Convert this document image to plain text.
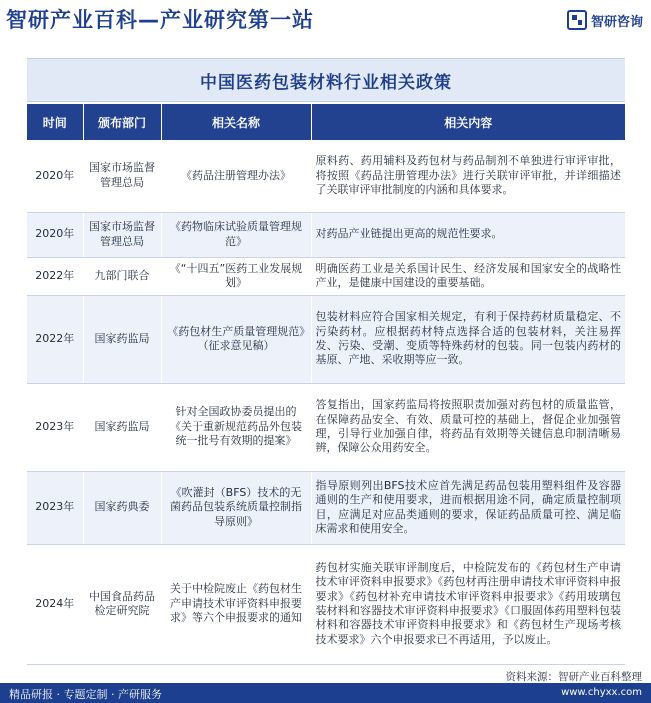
智研产业百科—产业研究第一站	智研咨询
中国医药包装材料行业相关政策
时间	颁布部门	相关名称	相关内容
2020年	国家市场监督管理总局	《药品注册管理办法》	原料药、药用辅料及药包材与药品制剂不单独进行审评审批，将按照《药品注册管理办法》进行关联审评审批，并详细描述了关联审评审批制度的内涵和具体要求。
2020年	国家市场监督管理总局	《药物临床试验质量管理规范》	对药品产业链提出更高的规范性要求。
2022年	九部门联合	《“十四五”医药工业发展规划》	明确医药工业是关系国计民生、经济发展和国家安全的战略性产业，是健康中国建设的重要基础。
2022年	国家药监局	《药包材生产质量管理规范》（征求意见稿）	包装材料应符合国家相关规定，有利于保持药材质量稳定、不污染药材。应根据药材特点选择合适的包装材料，关注易挥发、污染、受潮、变质等特殊药材的包装。同一包装内药材的基原、产地、采收期等应一致。
2023年	国家药监局	针对全国政协委员提出的《关于重新规范药品外包装统一批号有效期的提案》	答复指出，国家药监局将按照职责加强对药包材的质量监管，在保障药品安全、有效、质量可控的基础上，督促企业加强管理，引导行业加强自律，将药品有效期等关键信息印制清晰易辨，保障公众用药安全。
2023年	国家药典委	《吹灌封（BFS）技术的无菌药品包装系统质量控制指导原则》	指导原则列出BFS技术应首先满足药品包装用塑料组件及容器通则的生产和使用要求，进而根据用途不同，确定质量控制项目，应满足对应品类通则的要求，保证药品质量可控、满足临床需求和使用安全。
2024年	中国食品药品检定研究院	关于中检院废止《药包材生产申请技术审评资料申报要求》等六个申报要求的通知	药包材实施关联审评制度后，中检院发布的《药包材生产申请技术审评资料申报要求》《药包材再注册申请技术审评资料申报要求》《药包材补充申请技术审评资料申报要求》《药用玻璃包装材料和容器技术审评资料申报要求》《口服固体药用塑料包装材料和容器技术审评资料申报要求》和《药包材生产现场考核技术要求》六个申报要求已不再适用，予以废止。
资料来源：智研产业百科整理
精品研报 · 专题定制 · 产研服务	www.chyxx.com
